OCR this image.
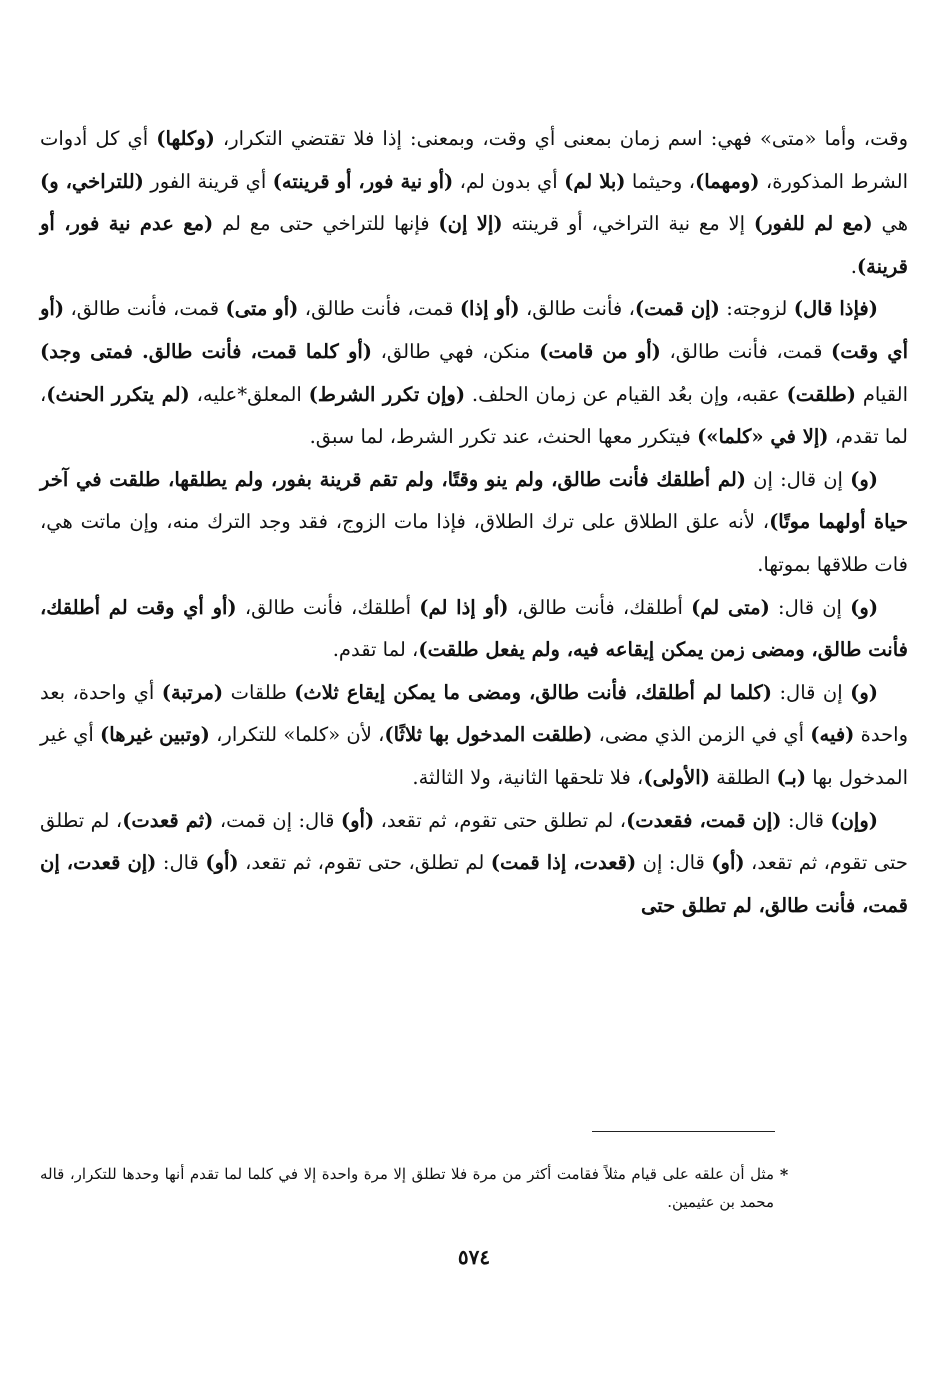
وقت، وأما «متى» فهي: اسم زمان بمعنى أي وقت، وبمعنى: إذا فلا تقتضي التكرار، (وكلها) أي كل أدوات الشرط المذكورة، (ومهما)، وحيثما (بلا لم) أي بدون لم، (أو نية فور، أو قرينته) أي قرينة الفور (للتراخي، و) هي (مع لم للفور) إلا مع نية التراخي، أو قرينته (إلا إن) فإنها للتراخي حتى مع لم (مع عدم نية فور، أو قرينة).

(فإذا قال) لزوجته: (إن قمت)، فأنت طالق، (أو إذا) قمت، فأنت طالق، (أو متى) قمت، فأنت طالق، (أو أي وقت) قمت، فأنت طالق، (أو من قامت) منكن، فهي طالق، (أو كلما قمت، فأنت طالق. فمتى وجد) القيام (طلقت) عقبه، وإن بعُد القيام عن زمان الحلف. (وإن تكرر الشرط) المعلق*عليه، (لم يتكرر الحنث)، لما تقدم، (إلا في «كلما») فيتكرر معها الحنث، عند تكرر الشرط، لما سبق.

(و) إن قال: إن (لم أطلقك فأنت طالق، ولم ينو وقتًا، ولم تقم قرينة بفور، ولم يطلقها، طلقت في آخر حياة أولهما موتًا)، لأنه علق الطلاق على ترك الطلاق، فإذا مات الزوج، فقد وجد الترك منه، وإن ماتت هي، فات طلاقها بموتها.

(و) إن قال: (متى لم) أطلقك، فأنت طالق، (أو إذا لم) أطلقك، فأنت طالق، (أو أي وقت لم أطلقك، فأنت طالق، ومضى زمن يمكن إيقاعه فيه، ولم يفعل طلقت)، لما تقدم.

(و) إن قال: (كلما لم أطلقك، فأنت طالق، ومضى ما يمكن إيقاع ثلاث) طلقات (مرتبة) أي واحدة، بعد واحدة (فيه) أي في الزمن الذي مضى، (طلقت المدخول بها ثلاثًا)، لأن «كلما» للتكرار، (وتبين غيرها) أي غير المدخول بها (بـ) الطلقة (الأولى)، فلا تلحقها الثانية، ولا الثالثة.

(وإن) قال: (إن قمت، فقعدت)، لم تطلق حتى تقوم، ثم تقعد، (أو) قال: إن قمت، (ثم قعدت)، لم تطلق حتى تقوم، ثم تقعد، (أو) قال: إن (قعدت، إذا قمت) لم تطلق، حتى تقوم، ثم تقعد، (أو) قال: (إن قعدت، إن قمت، فأنت طالق، لم تطلق حتى

*
مثل أن علقه على قيام مثلاً فقامت أكثر من مرة فلا تطلق إلا مرة واحدة إلا في كلما لما تقدم أنها وحدها للتكرار، قاله محمد بن عثيمين.
٥٧٤
